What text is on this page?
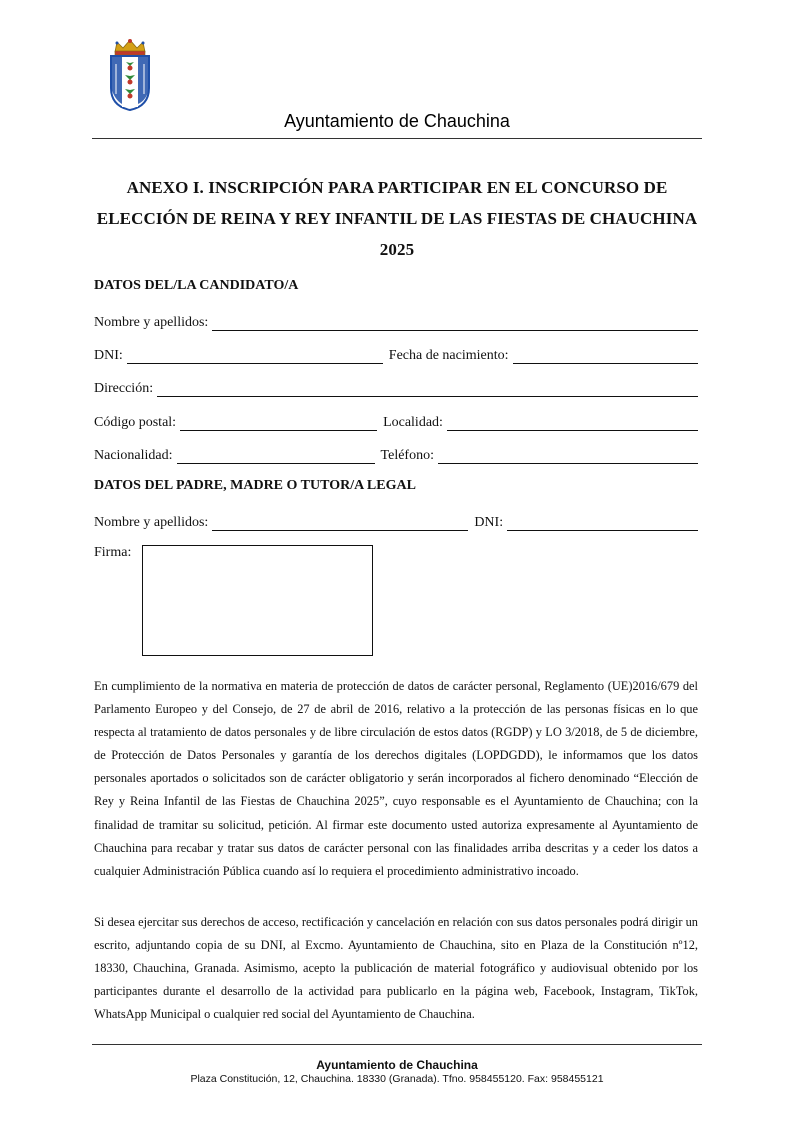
Ayuntamiento de Chauchina
ANEXO I. INSCRIPCIÓN PARA PARTICIPAR EN EL CONCURSO DE ELECCIÓN DE REINA Y REY INFANTIL DE LAS FIESTAS DE CHAUCHINA 2025
DATOS DEL/LA CANDIDATO/A
Nombre y apellidos:
DNI:	Fecha de nacimiento:
Dirección:
Código postal:	Localidad:
Nacionalidad:	Teléfono:
DATOS DEL PADRE, MADRE O TUTOR/A LEGAL
Nombre y apellidos:	DNI:
Firma:

En cumplimiento de la normativa en materia de protección de datos de carácter personal, Reglamento (UE)2016/679 del Parlamento Europeo y del Consejo, de 27 de abril de 2016, relativo a la protección de las personas físicas en lo que respecta al tratamiento de datos personales y de libre circulación de estos datos (RGDP) y LO 3/2018, de 5 de diciembre, de Protección de Datos Personales y garantía de los derechos digitales (LOPDGDD), le informamos que los datos personales aportados o solicitados son de carácter obligatorio y serán incorporados al fichero denominado “Elección de Rey y Reina Infantil de las Fiestas de Chauchina 2025”, cuyo responsable es el Ayuntamiento de Chauchina; con la finalidad de tramitar su solicitud, petición. Al firmar este documento usted autoriza expresamente al Ayuntamiento de Chauchina para recabar y tratar sus datos de carácter personal con las finalidades arriba descritas y a ceder los datos a cualquier Administración Pública cuando así lo requiera el procedimiento administrativo incoado.

Si desea ejercitar sus derechos de acceso, rectificación y cancelación en relación con sus datos personales podrá dirigir un escrito, adjuntando copia de su DNI, al Excmo. Ayuntamiento de Chauchina, sito en Plaza de la Constitución nº12, 18330, Chauchina, Granada. Asimismo, acepto la publicación de material fotográfico y audiovisual obtenido por los participantes durante el desarrollo de la actividad para publicarlo en la página web, Facebook, Instagram, TikTok, WhatsApp Municipal o cualquier red social del Ayuntamiento de Chauchina.

Ayuntamiento de Chauchina
Plaza Constitución, 12, Chauchina. 18330 (Granada). Tfno. 958455120. Fax: 958455121
